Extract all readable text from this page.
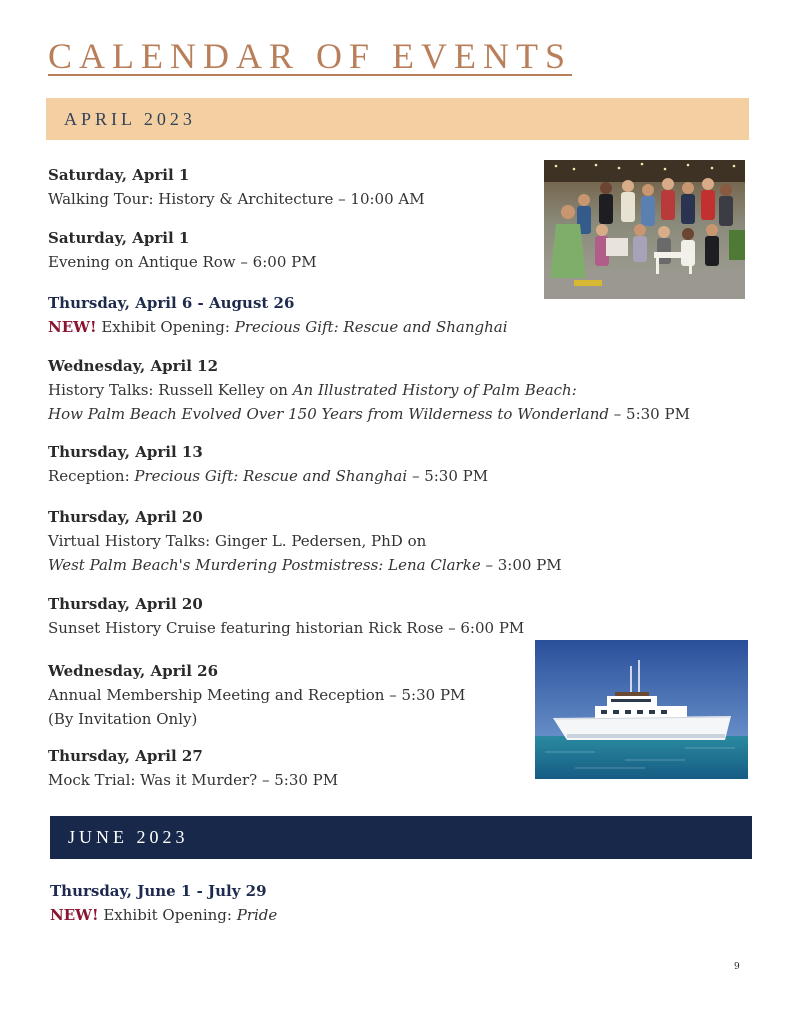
CALENDAR OF EVENTS
APRIL 2023
Saturday, April 1
Walking Tour: History & Architecture – 10:00 AM
Saturday, April 1
Evening on Antique Row – 6:00 PM
Thursday, April 6 - August 26
NEW! Exhibit Opening: Precious Gift: Rescue and Shanghai
Wednesday, April 12
History Talks: Russell Kelley on An Illustrated History of Palm Beach:
How Palm Beach Evolved Over 150 Years from Wilderness to Wonderland – 5:30 PM
Thursday, April 13
Reception: Precious Gift: Rescue and Shanghai – 5:30 PM
Thursday, April 20
Virtual History Talks: Ginger L. Pedersen, PhD on
West Palm Beach's Murdering Postmistress: Lena Clarke – 3:00 PM
Thursday, April 20
Sunset History Cruise featuring historian Rick Rose – 6:00 PM
Wednesday, April 26
Annual Membership Meeting and Reception – 5:30 PM
(By Invitation Only)
Thursday, April 27
Mock Trial: Was it Murder? – 5:30 PM
JUNE 2023
Thursday, June 1 - July 29
NEW! Exhibit Opening: Pride
9
